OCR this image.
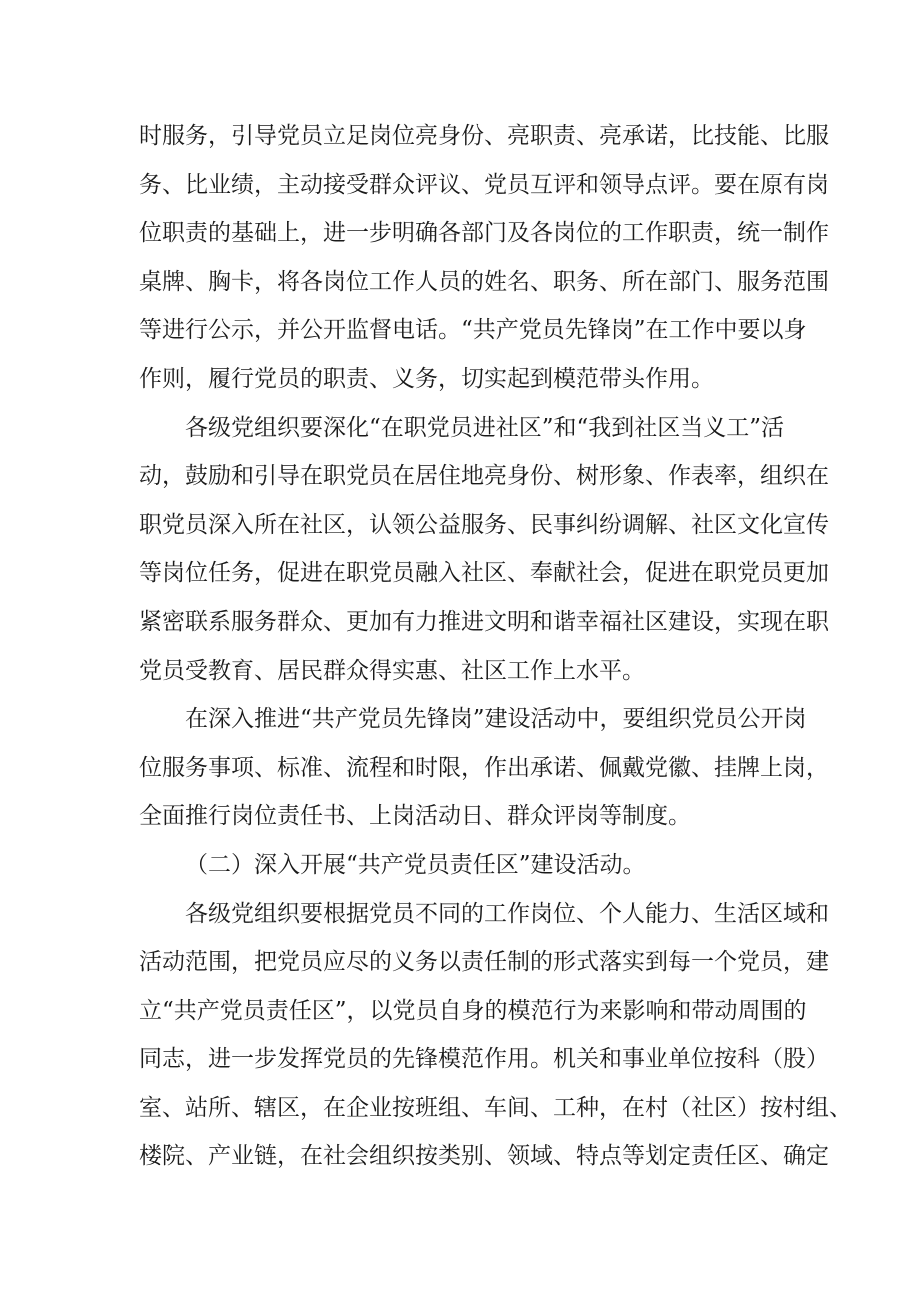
时服务，引导党员立足岗位亮身份、亮职责、亮承诺，比技能、比服
务、比业绩，主动接受群众评议、党员互评和领导点评。要在原有岗
位职责的基础上，进一步明确各部门及各岗位的工作职责，统一制作
桌牌、胸卡，将各岗位工作人员的姓名、职务、所在部门、服务范围
等进行公示，并公开监督电话。“共产党员先锋岗”在工作中要以身
作则，履行党员的职责、义务，切实起到模范带头作用。
各级党组织要深化“在职党员进社区”和“我到社区当义工”活
动，鼓励和引导在职党员在居住地亮身份、树形象、作表率，组织在
职党员深入所在社区，认领公益服务、民事纠纷调解、社区文化宣传
等岗位任务，促进在职党员融入社区、奉献社会，促进在职党员更加
紧密联系服务群众、更加有力推进文明和谐幸福社区建设，实现在职
党员受教育、居民群众得实惠、社区工作上水平。
在深入推进“共产党员先锋岗”建设活动中，要组织党员公开岗
位服务事项、标准、流程和时限，作出承诺、佩戴党徽、挂牌上岗，
全面推行岗位责任书、上岗活动日、群众评岗等制度。
（二）深入开展“共产党员责任区”建设活动。
各级党组织要根据党员不同的工作岗位、个人能力、生活区域和
活动范围，把党员应尽的义务以责任制的形式落实到每一个党员，建
立“共产党员责任区”，以党员自身的模范行为来影响和带动周围的
同志，进一步发挥党员的先锋模范作用。机关和事业单位按科（股）
室、站所、辖区，在企业按班组、车间、工种，在村（社区）按村组、
楼院、产业链，在社会组织按类别、领域、特点等划定责任区、确定
